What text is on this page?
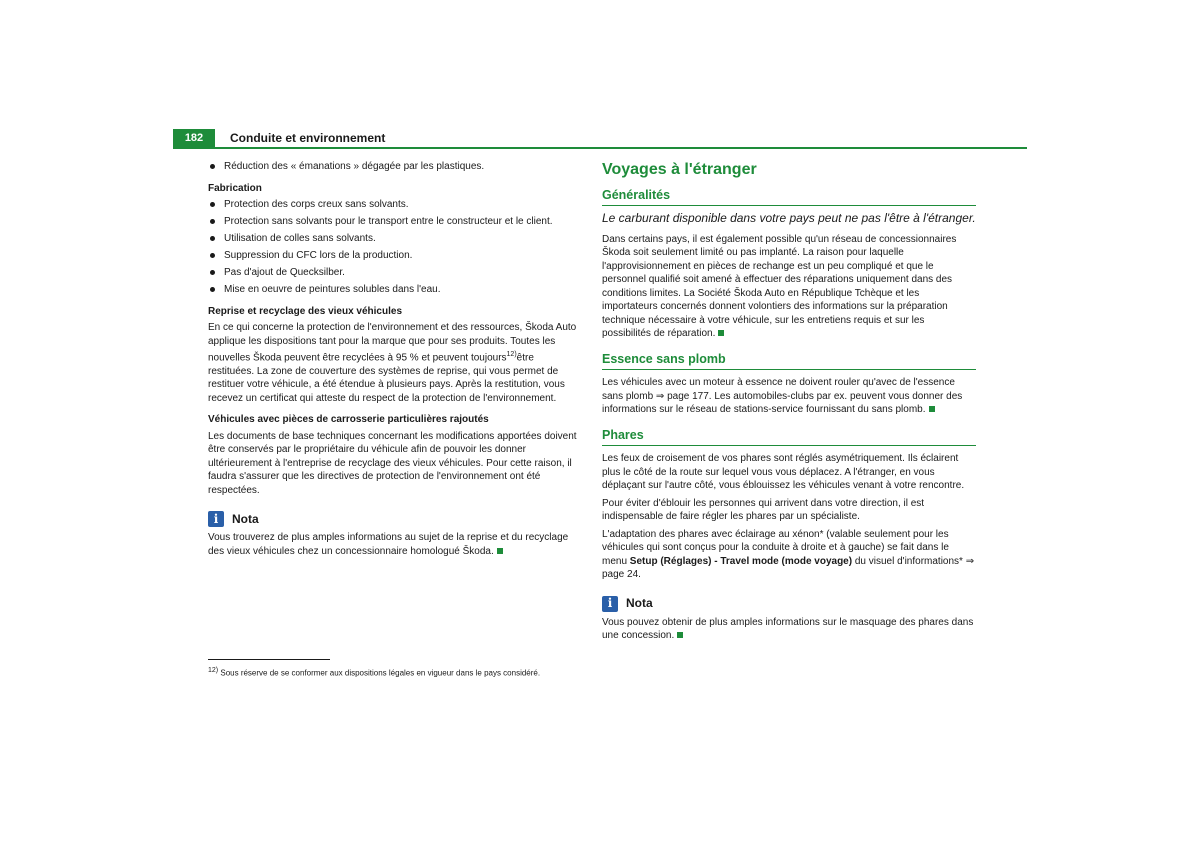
182	Conduite et environnement
Réduction des « émanations » dégagée par les plastiques.
Fabrication
Protection des corps creux sans solvants.
Protection sans solvants pour le transport entre le constructeur et le client.
Utilisation de colles sans solvants.
Suppression du CFC lors de la production.
Pas d'ajout de Quecksilber.
Mise en oeuvre de peintures solubles dans l'eau.
Reprise et recyclage des vieux véhicules

En ce qui concerne la protection de l'environnement et des ressources, Škoda Auto applique les dispositions tant pour la marque que pour ses produits. Toutes les nouvelles Škoda peuvent être recyclées à 95 % et peuvent toujours$^{12)}$être restituées. La zone de couverture des systèmes de reprise, qui vous permet de restituer votre véhicule, a été étendue à plusieurs pays. Après la restitution, vous recevez un certificat qui atteste du respect de la protection de l'environnement.

Véhicules avec pièces de carrosserie particulières rajoutés

Les documents de base techniques concernant les modifications apportées doivent être conservés par le propriétaire du véhicule afin de pouvoir les donner ultérieurement à l'entreprise de recyclage des vieux véhicules. Pour cette raison, il faudra s'assurer que les directives de protection de l'environnement ont été respectées.

i	Nota

Vous trouverez de plus amples informations au sujet de la reprise et du recyclage des vieux véhicules chez un concessionnaire homologué Škoda.

Voyages à l'étranger
Généralités
Le carburant disponible dans votre pays peut ne pas l'être à l'étranger.

Dans certains pays, il est également possible qu'un réseau de concessionnaires Škoda soit seulement limité ou pas implanté. La raison pour laquelle l'approvisionnement en pièces de rechange est un peu compliqué et que le personnel qualifié soit amené à effectuer des réparations uniquement dans des conditions limites. La Société Škoda Auto en République Tchèque et les importateurs concernés donnent volontiers des informations sur la préparation technique nécessaire à votre véhicule, sur les entretiens requis et sur les possibilités de réparation.

Essence sans plomb

Les véhicules avec un moteur à essence ne doivent rouler qu'avec de l'essence sans plomb ⇒ page 177. Les automobiles-clubs par ex. peuvent vous donner des informations sur le réseau de stations-service fournissant du sans plomb.

Phares

Les feux de croisement de vos phares sont réglés asymétriquement. Ils éclairent plus le côté de la route sur lequel vous vous déplacez. A l'étranger, en vous déplaçant sur l'autre côté, vous éblouissez les véhicules venant à votre rencontre.

Pour éviter d'éblouir les personnes qui arrivent dans votre direction, il est indispensable de faire régler les phares par un spécialiste.

L'adaptation des phares avec éclairage au xénon* (valable seulement pour les véhicules qui sont conçus pour la conduite à droite et à gauche) se fait dans le menu Setup (Réglages) - Travel mode (mode voyage) du visuel d'informations* ⇒ page 24.

i	Nota

Vous pouvez obtenir de plus amples informations sur le masquage des phares dans une concession.

$^{12)}$ Sous réserve de se conformer aux dispositions légales en vigueur dans le pays considéré.
